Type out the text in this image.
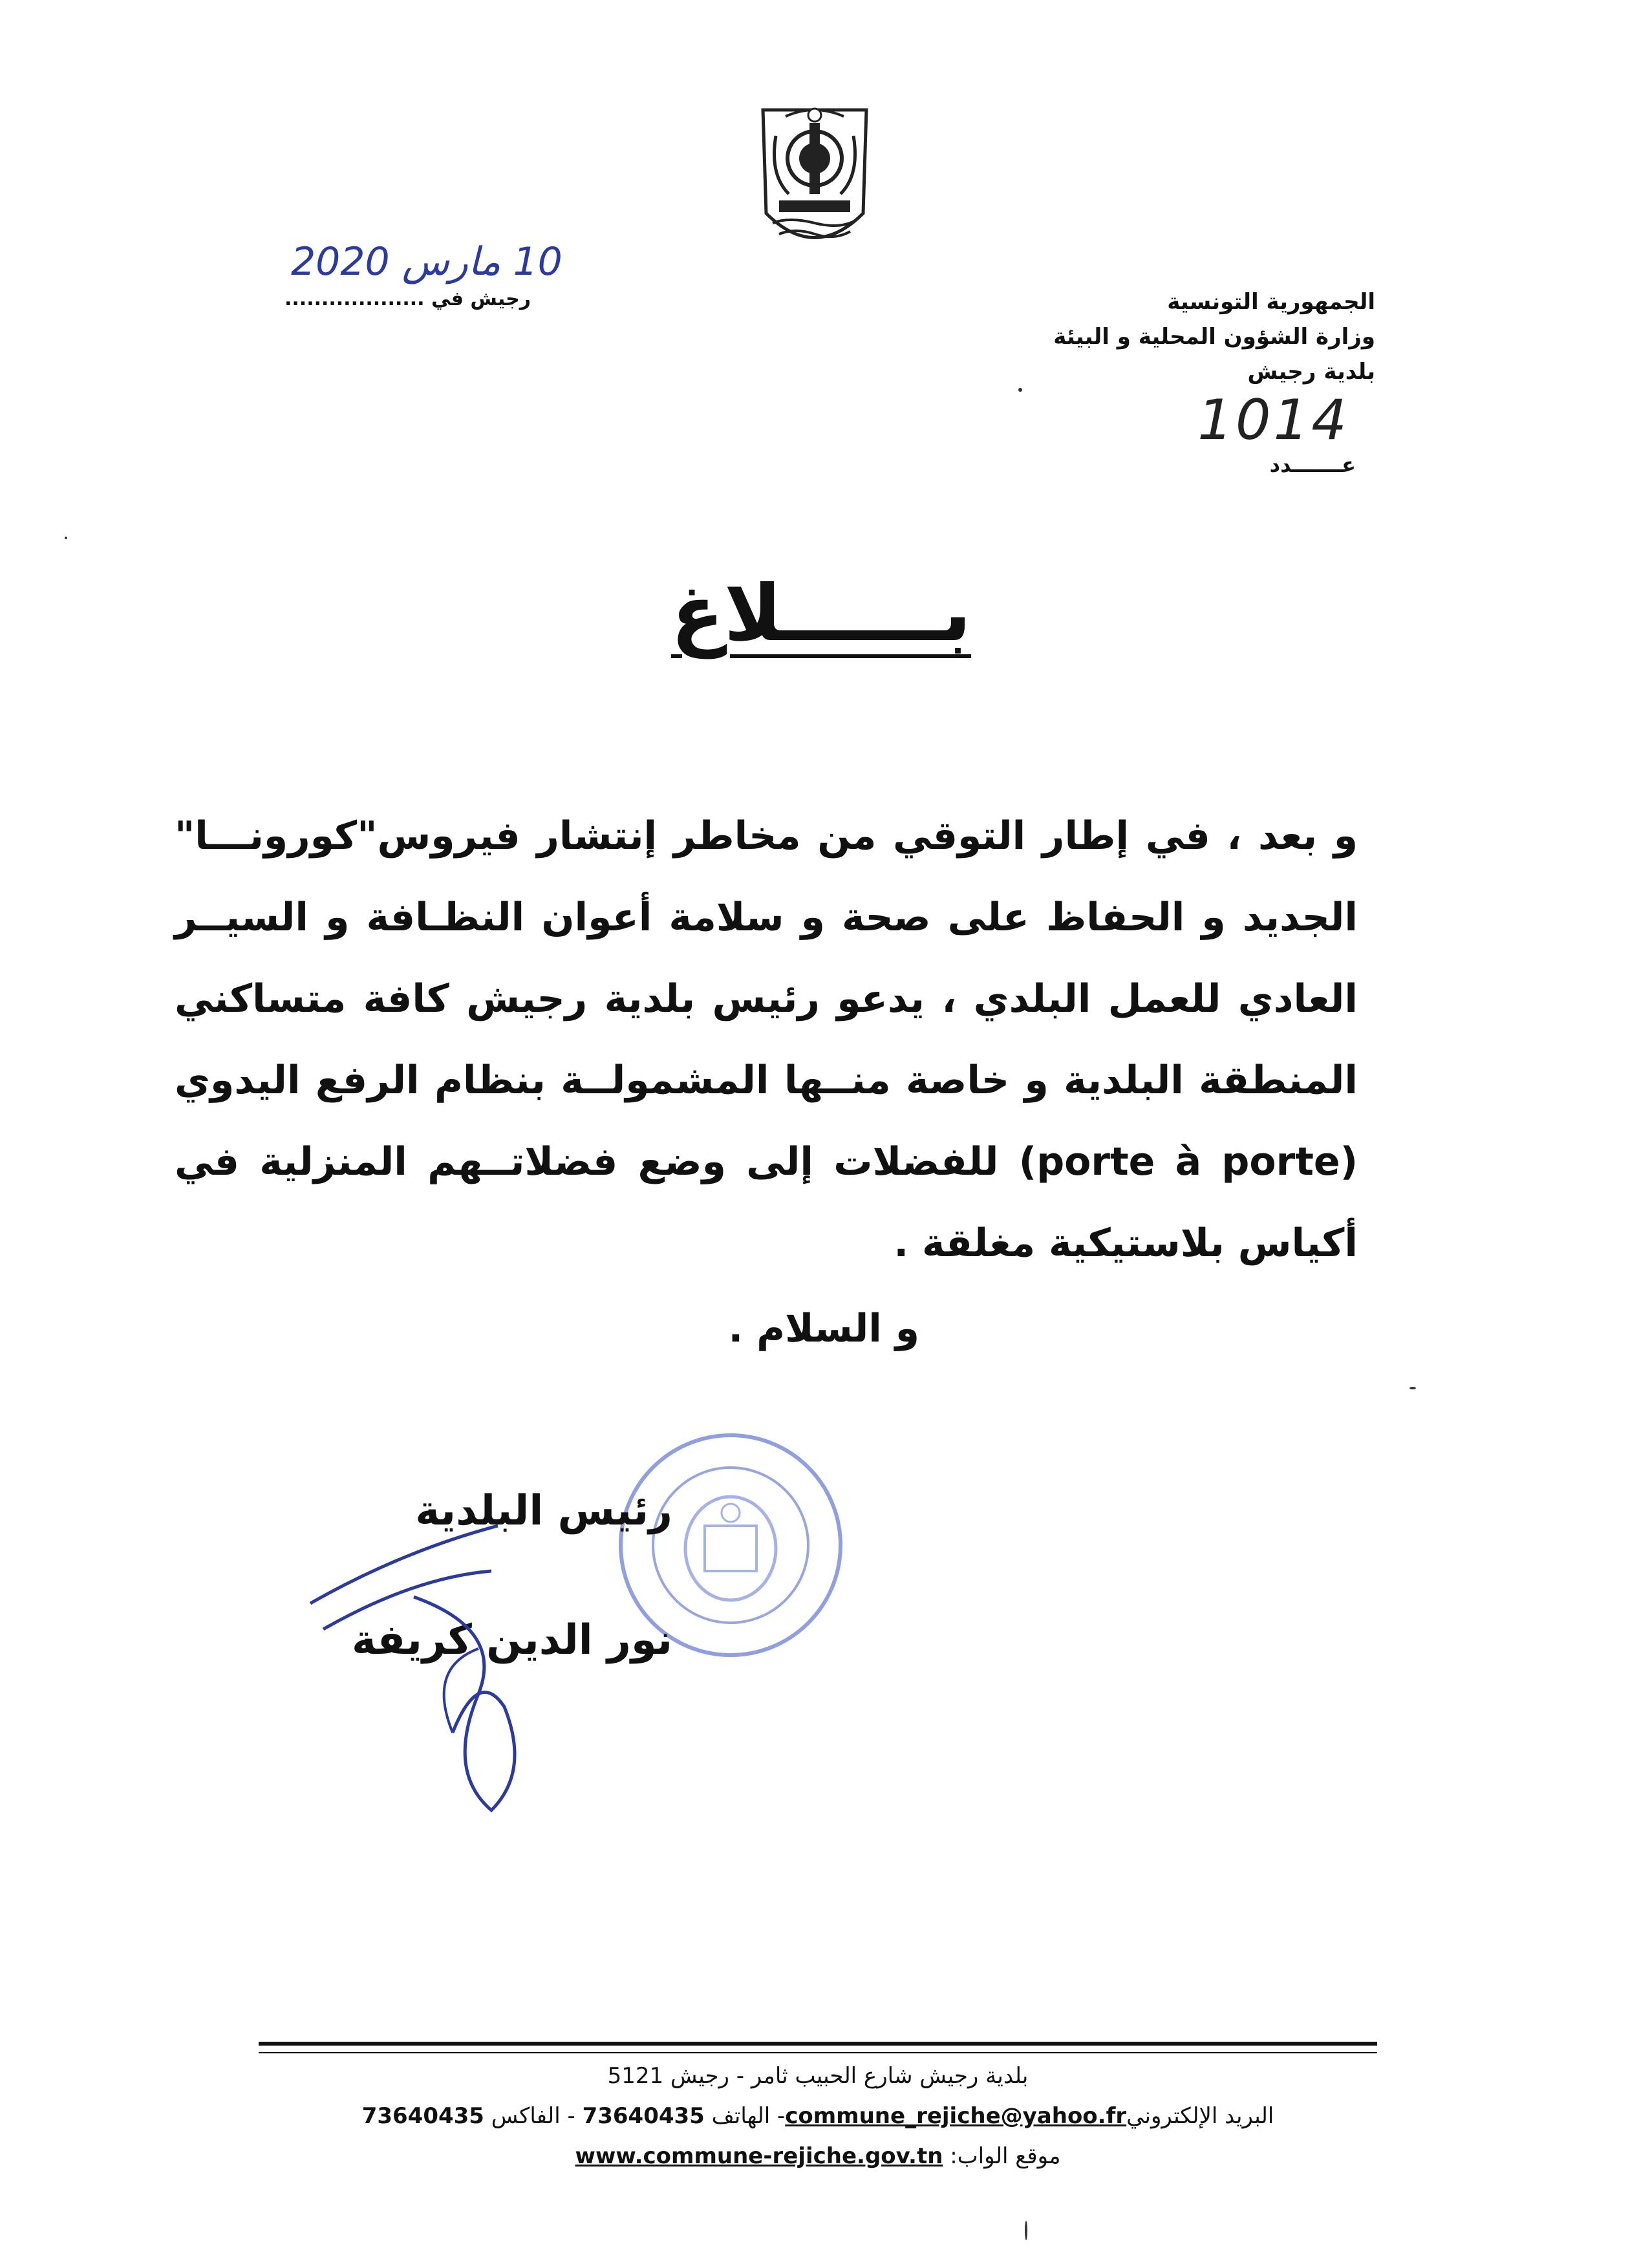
الجمهورية التونسية
وزارة الشؤون المحلية و البيئة
بلدية رجيش
1014
عـــــــدد
10 مارس 2020
رجيش في ...................
بــــــلاغ
و بعد ، في إطار التوقي من مخاطر إنتشار فيروس"كورونـــا" الجديد و الحفاظ على صحة و سلامة أعوان النظـافة و السيــر العادي للعمل البلدي ، يدعو رئيس بلدية رجيش كافة متساكني المنطقة البلدية و خاصة منــها المشمولــة بنظام الرفع اليدوي (porte à porte) للفضلات إلى وضع فضلاتــهم المنزلية في أكياس بلاستيكية مغلقة .
و السلام .
رئيس البلدية
نور الدين كريفة
بلدية رجيش شارع الحبيب ثامر - رجيش 5121
البريد الإلكترونيcommune_rejiche@yahoo.fr- الهاتف 73640435 - الفاكس 73640435
موقع الواب: www.commune-rejiche.gov.tn
